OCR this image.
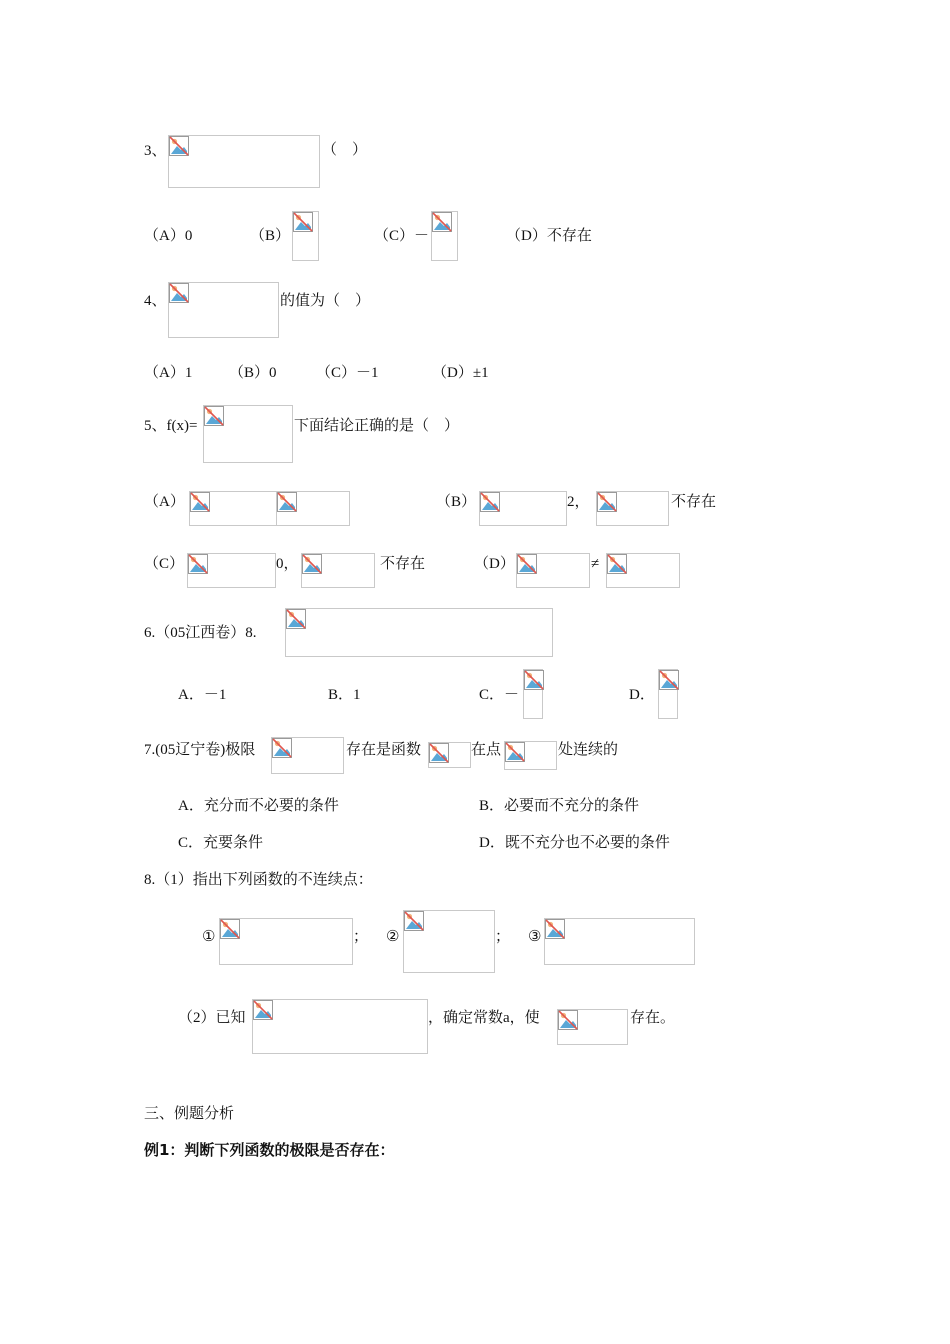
3、	（　）
（A）0	（B）	（C）－	（D）不存在
4、	的值为（　）
（A）1 （B）0	（C）－1	（D）±1
5、f(x)=	下面结论正确的是（　）
（A）	（B）	2，	不存在
（C）	0，	不存在	（D）	≠
6.（05江西卷）8.
A．－1	B．1	C．－	D．
7.(05辽宁卷)极限	存在是函数	在点	处连续的
A．充分而不必要的条件	B．必要而不充分的条件
C．充要条件	D．既不充分也不必要的条件
8.（1）指出下列函数的不连续点：
①	； ②	； ③
（2）已知	，确定常数a，使	存在。
三、例题分析
例1：判断下列函数的极限是否存在：
